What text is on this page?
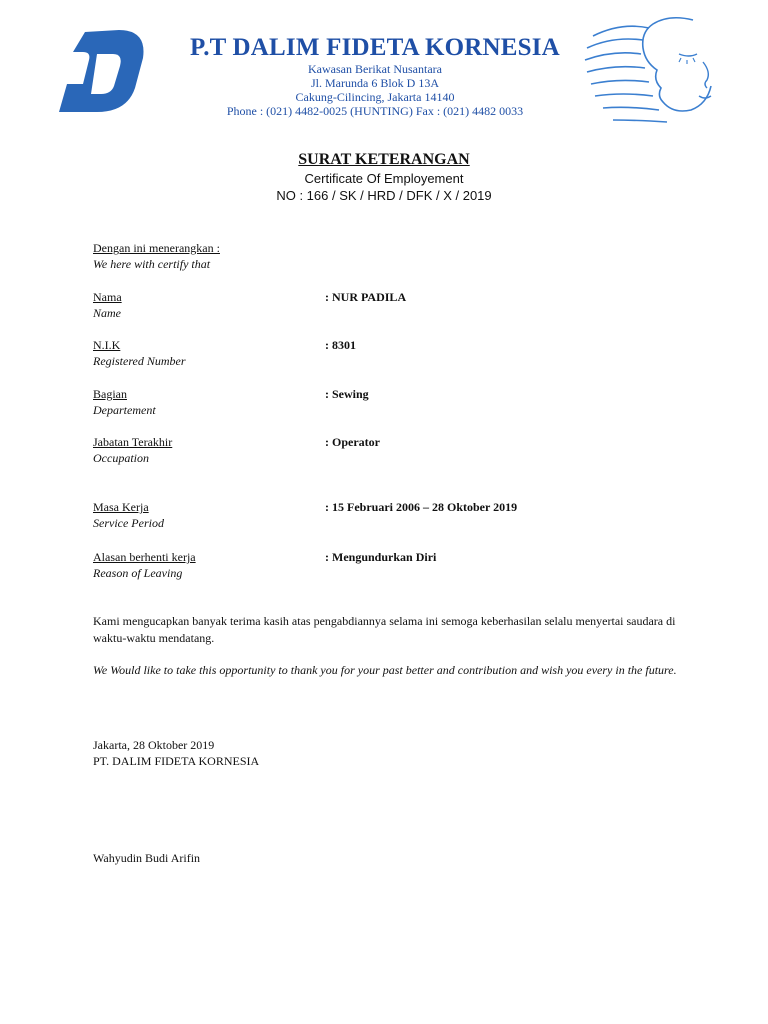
P.T DALIM FIDETA KORNESIA
Kawasan Berikat Nusantara
Jl. Marunda 6 Blok D 13A
Cakung-Cilincing, Jakarta 14140
Phone : (021) 4482-0025 (HUNTING) Fax : (021) 4482 0033
SURAT KETERANGAN
Certificate Of Employement
NO : 166 / SK / HRD / DFK / X / 2019
Dengan ini menerangkan :
We here with certify that
Nama
Name
: NUR PADILA
N.I.K
Registered Number
: 8301
Bagian
Departement
: Sewing
Jabatan Terakhir
Occupation
: Operator
Masa Kerja
Service Period
: 15 Februari 2006 – 28 Oktober 2019
Alasan berhenti kerja
Reason of Leaving
: Mengundurkan Diri
Kami mengucapkan banyak terima kasih atas pengabdiannya selama ini semoga keberhasilan selalu menyertai saudara di waktu-waktu mendatang.
We Would like to take this opportunity to thank you for your past better and contribution and wish you every in the future.
Jakarta, 28 Oktober 2019
PT. DALIM FIDETA KORNESIA
Wahyudin Budi Arifin
